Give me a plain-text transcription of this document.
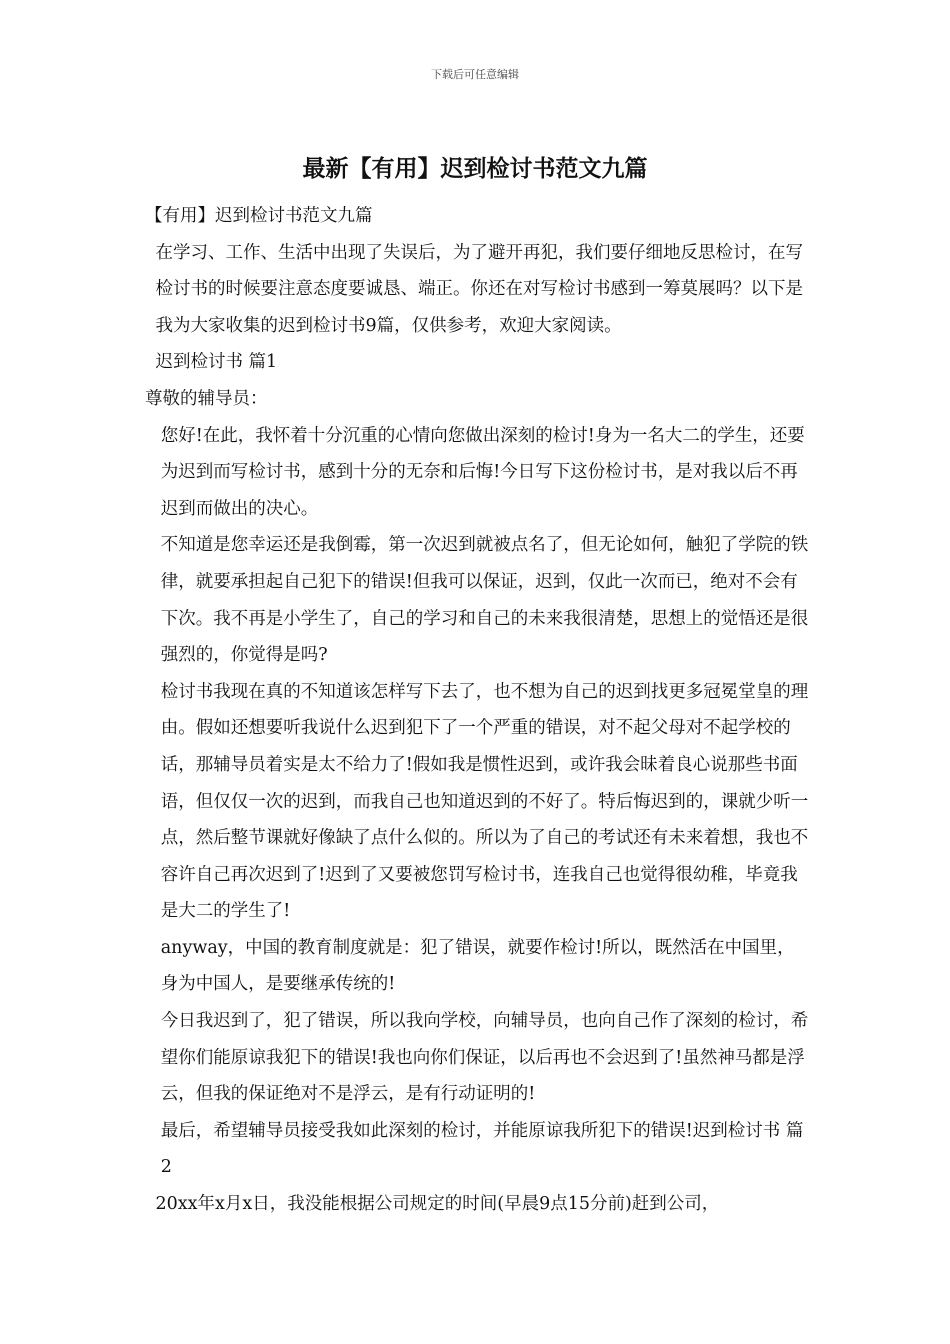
下载后可任意编辑
最新【有用】迟到检讨书范文九篇

【有用】迟到检讨书范文九篇

在学习、工作、生活中出现了失误后，为了避开再犯，我们要仔细地反思检讨，在写检讨书的时候要注意态度要诚恳、端正。你还在对写检讨书感到一筹莫展吗？以下是我为大家收集的迟到检讨书9篇，仅供参考，欢迎大家阅读。

迟到检讨书 篇1

尊敬的辅导员：

您好!在此，我怀着十分沉重的心情向您做出深刻的检讨!身为一名大二的学生，还要为迟到而写检讨书，感到十分的无奈和后悔!今日写下这份检讨书，是对我以后不再迟到而做出的决心。

不知道是您幸运还是我倒霉，第一次迟到就被点名了，但无论如何，触犯了学院的铁律，就要承担起自己犯下的错误!但我可以保证，迟到，仅此一次而已，绝对不会有下次。我不再是小学生了，自己的学习和自己的未来我很清楚，思想上的觉悟还是很强烈的，你觉得是吗?

检讨书我现在真的不知道该怎样写下去了，也不想为自己的迟到找更多冠冕堂皇的理由。假如还想要听我说什么迟到犯下了一个严重的错误，对不起父母对不起学校的话，那辅导员着实是太不给力了!假如我是惯性迟到，或许我会昧着良心说那些书面语，但仅仅一次的迟到，而我自己也知道迟到的不好了。特后悔迟到的，课就少听一点，然后整节课就好像缺了点什么似的。所以为了自己的考试还有未来着想，我也不容许自己再次迟到了!迟到了又要被您罚写检讨书，连我自己也觉得很幼稚，毕竟我是大二的学生了!

anyway，中国的教育制度就是：犯了错误，就要作检讨!所以，既然活在中国里，身为中国人，是要继承传统的!

今日我迟到了，犯了错误，所以我向学校，向辅导员，也向自己作了深刻的检讨，希望你们能原谅我犯下的错误!我也向你们保证，以后再也不会迟到了!虽然神马都是浮云，但我的保证绝对不是浮云，是有行动证明的!

最后，希望辅导员接受我如此深刻的检讨，并能原谅我所犯下的错误!迟到检讨书 篇2

20xx年x月x日，我没能根据公司规定的时间(早晨9点15分前)赶到公司，
